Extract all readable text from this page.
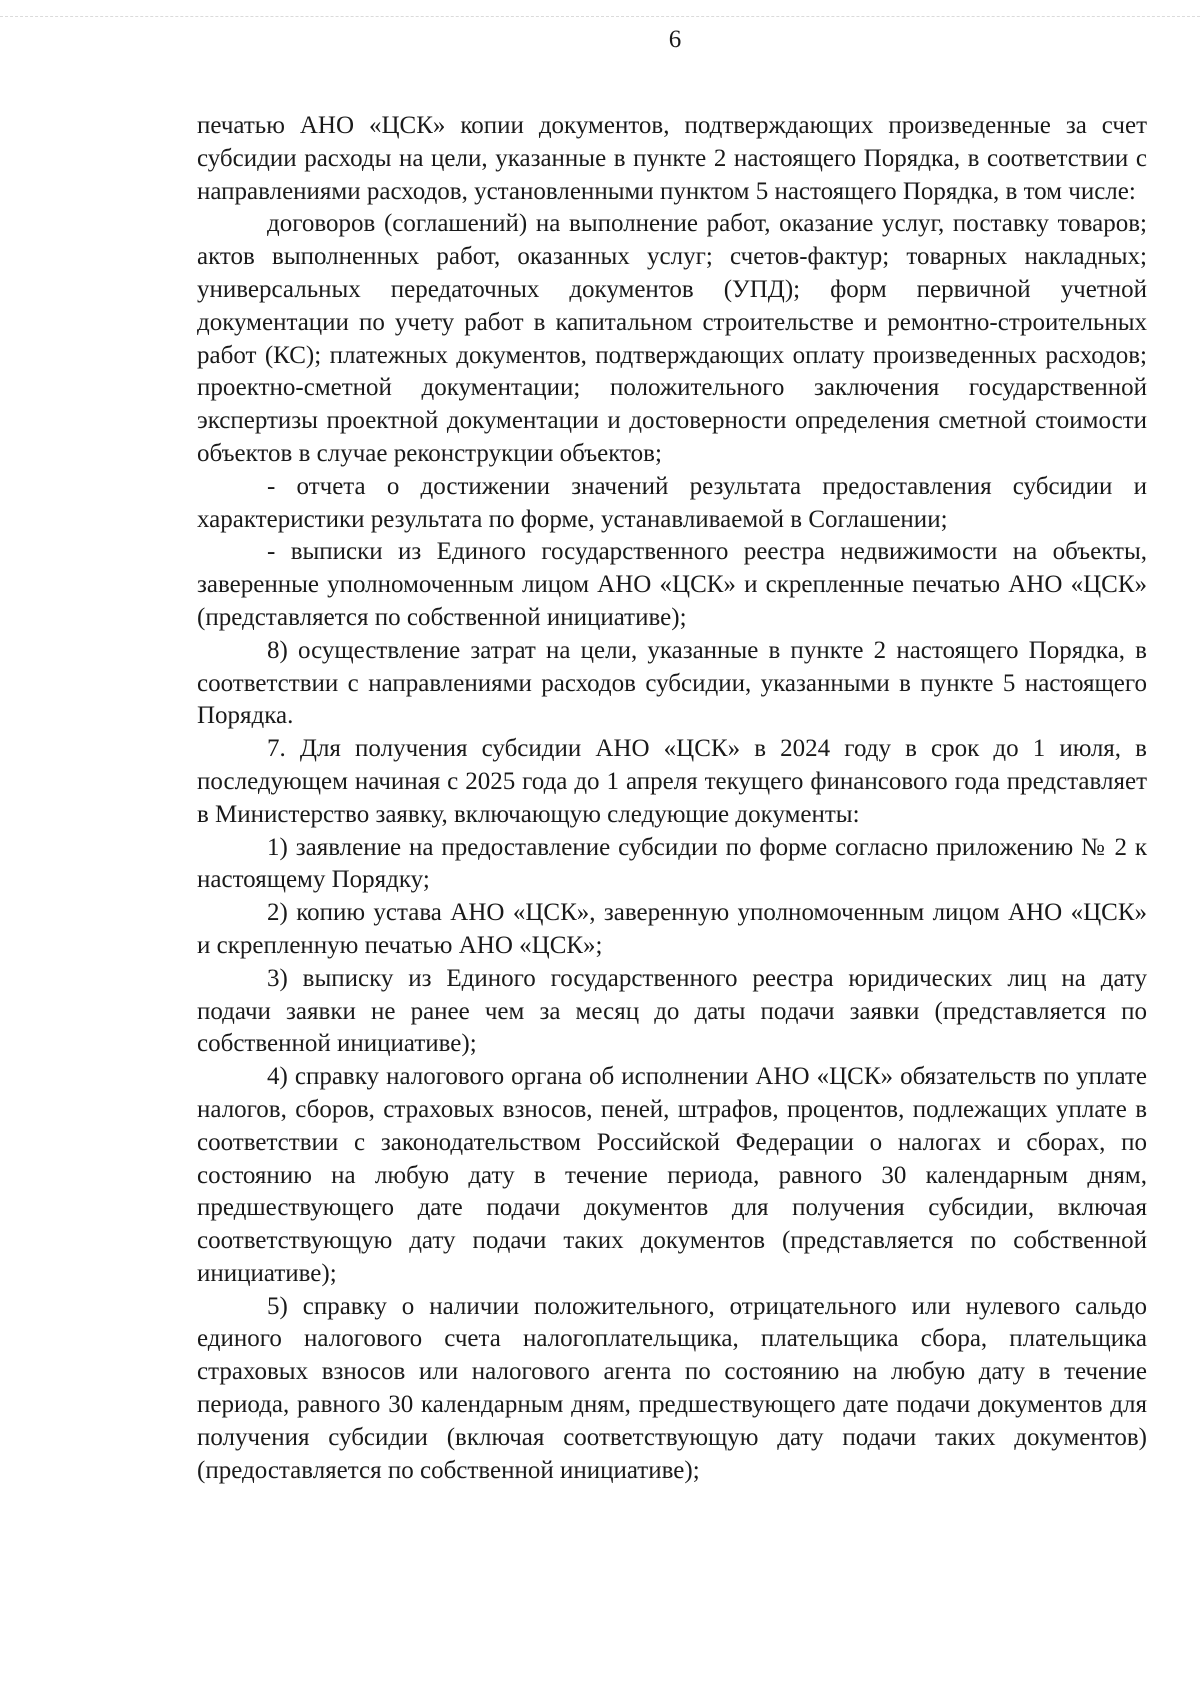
6

печатью АНО «ЦСК» копии документов, подтверждающих произведенные за счет субсидии расходы на цели, указанные в пункте 2 настоящего Порядка, в соответствии с направлениями расходов, установленными пунктом 5 настоящего Порядка, в том числе:

договоров (соглашений) на выполнение работ, оказание услуг, поставку товаров; актов выполненных работ, оказанных услуг; счетов-фактур; товарных накладных; универсальных передаточных документов (УПД); форм первичной учетной документации по учету работ в капитальном строительстве и ремонтно-строительных работ (КС); платежных документов, подтверждающих оплату произведенных расходов; проектно-сметной документации; положительного заключения государственной экспертизы проектной документации и достоверности определения сметной стоимости объектов в случае реконструкции объектов;

- отчета о достижении значений результата предоставления субсидии и характеристики результата по форме, устанавливаемой в Соглашении;

- выписки из Единого государственного реестра недвижимости на объекты, заверенные уполномоченным лицом АНО «ЦСК» и скрепленные печатью АНО «ЦСК» (представляется по собственной инициативе);

8) осуществление затрат на цели, указанные в пункте 2 настоящего Порядка, в соответствии с направлениями расходов субсидии, указанными в пункте 5 настоящего Порядка.

7. Для получения субсидии АНО «ЦСК» в 2024 году в срок до 1 июля, в последующем начиная с 2025 года до 1 апреля текущего финансового года представляет в Министерство заявку, включающую следующие документы:

1) заявление на предоставление субсидии по форме согласно приложению № 2 к настоящему Порядку;

2) копию устава АНО «ЦСК», заверенную уполномоченным лицом АНО «ЦСК» и скрепленную печатью АНО «ЦСК»;

3) выписку из Единого государственного реестра юридических лиц на дату подачи заявки не ранее чем за месяц до даты подачи заявки (представляется по собственной инициативе);

4) справку налогового органа об исполнении АНО «ЦСК» обязательств по уплате налогов, сборов, страховых взносов, пеней, штрафов, процентов, подлежащих уплате в соответствии с законодательством Российской Федерации о налогах и сборах, по состоянию на любую дату в течение периода, равного 30 календарным дням, предшествующего дате подачи документов для получения субсидии, включая соответствующую дату подачи таких документов (представляется по собственной инициативе);

5) справку о наличии положительного, отрицательного или нулевого сальдо единого налогового счета налогоплательщика, плательщика сбора, плательщика страховых взносов или налогового агента по состоянию на любую дату в течение периода, равного 30 календарным дням, предшествующего дате подачи документов для получения субсидии (включая соответствующую дату подачи таких документов) (предоставляется по собственной инициативе);
